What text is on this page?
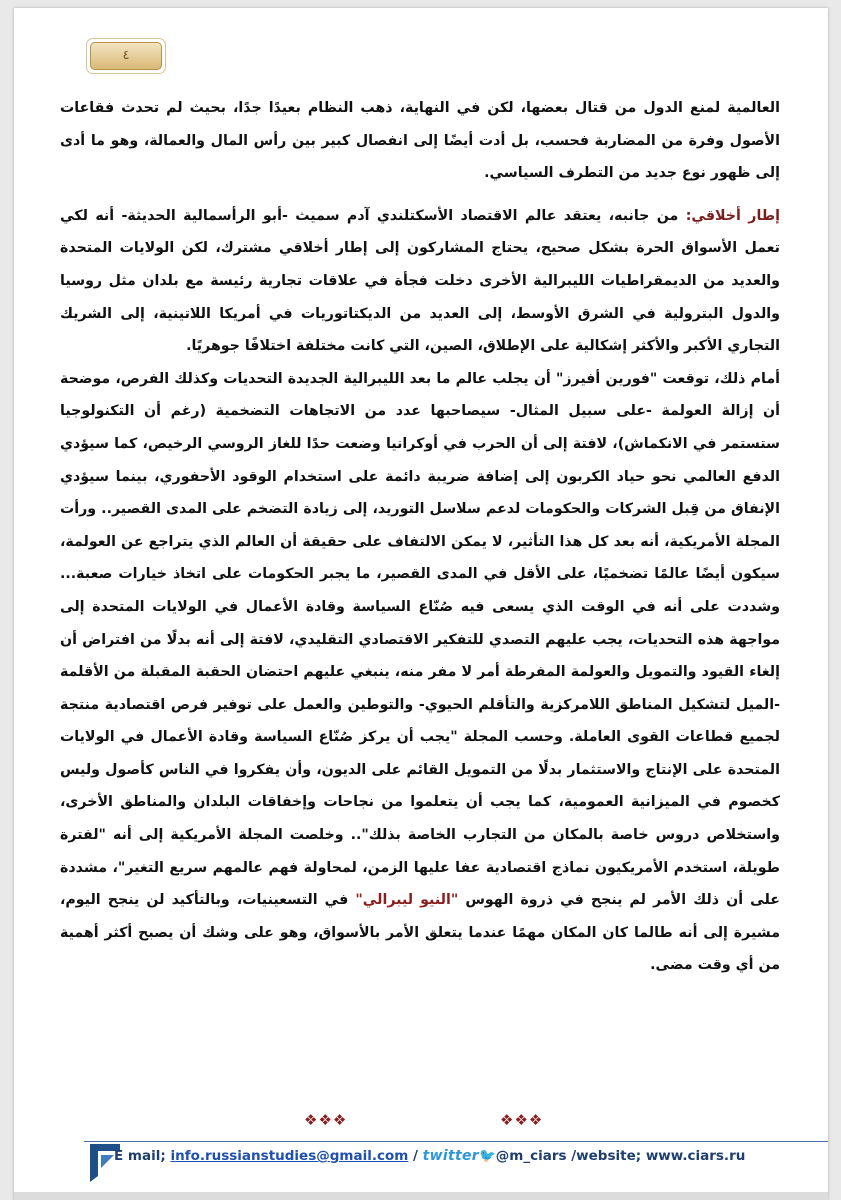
٤

العالمية لمنع الدول من قتال بعضها، لكن في النهاية، ذهب النظام بعيدًا جدًا، بحيث لم تحدث فقاعات الأصول وفرة من المضاربة فحسب، بل أدت أيضًا إلى انفصال كبير بين رأس المال والعمالة، وهو ما أدى إلى ظهور نوع جديد من التطرف السياسي.

إطار أخلاقي: من جانبه، يعتقد عالم الاقتصاد الأسكتلندي آدم سميث -أبو الرأسمالية الحديثة- أنه لكي تعمل الأسواق الحرة بشكل صحيح، يحتاج المشاركون إلى إطار أخلاقي مشترك، لكن الولايات المتحدة والعديد من الديمقراطيات الليبرالية الأخرى دخلت فجأة في علاقات تجارية رئيسة مع بلدان مثل روسيا والدول البترولية في الشرق الأوسط، إلى العديد من الديكتاتوريات في أمريكا اللاتينية، إلى الشريك التجاري الأكبر والأكثر إشكالية على الإطلاق، الصين، التي كانت مختلفة اختلافًا جوهريًا.

أمام ذلك، توقعت "فورين أفيرز" أن يجلب عالم ما بعد الليبرالية الجديدة التحديات وكذلك الفرص، موضحة أن إزالة العولمة -على سبيل المثال- سيصاحبها عدد من الاتجاهات التضخمية (رغم أن التكنولوجيا ستستمر في الانكماش)، لافتة إلى أن الحرب في أوكرانيا وضعت حدًا للغاز الروسي الرخيص، كما سيؤدي الدفع العالمي نحو حياد الكربون إلى إضافة ضريبة دائمة على استخدام الوقود الأحفوري، بينما سيؤدي الإنفاق من قِبل الشركات والحكومات لدعم سلاسل التوريد، إلى زيادة التضخم على المدى القصير.. ورأت المجلة الأمريكية، أنه بعد كل هذا التأثير، لا يمكن الالتفاف على حقيقة أن العالم الذي يتراجع عن العولمة، سيكون أيضًا عالمًا تضخميًا، على الأقل في المدى القصير، ما يجبر الحكومات على اتخاذ خيارات صعبة... وشددت على أنه في الوقت الذي يسعى فيه صُنّاع السياسة وقادة الأعمال في الولايات المتحدة إلى مواجهة هذه التحديات، يجب عليهم التصدي للتفكير الاقتصادي التقليدي، لافتة إلى أنه بدلًا من افتراض أن إلغاء القيود والتمويل والعولمة المفرطة أمر لا مفر منه، ينبغي عليهم احتضان الحقبة المقبلة من الأقلمة -الميل لتشكيل المناطق اللامركزية والتأقلم الحيوي- والتوطين والعمل على توفير فرص اقتصادية منتجة لجميع قطاعات القوى العاملة. وحسب المجلة "يجب أن يركز صُنّاع السياسة وقادة الأعمال في الولايات المتحدة على الإنتاج والاستثمار بدلًا من التمويل القائم على الديون، وأن يفكروا في الناس كأصول وليس كخصوم في الميزانية العمومية، كما يجب أن يتعلموا من نجاحات وإخفاقات البلدان والمناطق الأخرى، واستخلاص دروس خاصة بالمكان من التجارب الخاصة بذلك".. وخلصت المجلة الأمريكية إلى أنه "لفترة طويلة، استخدم الأمريكيون نماذج اقتصادية عفا عليها الزمن، لمحاولة فهم عالمهم سريع التغير"، مشددة على أن ذلك الأمر لم ينجح في ذروة الهوس "النيو ليبرالي" في التسعينيات، وبالتأكيد لن ينجح اليوم، مشيرة إلى أنه طالما كان المكان مهمًا عندما يتعلق الأمر بالأسواق، وهو على وشك أن يصبح أكثر أهمية من أي وقت مضى.

❖❖❖	❖❖❖
E mail; info.russianstudies@gmail.com / twitter🐦@m_ciars /website; www.ciars.ru
